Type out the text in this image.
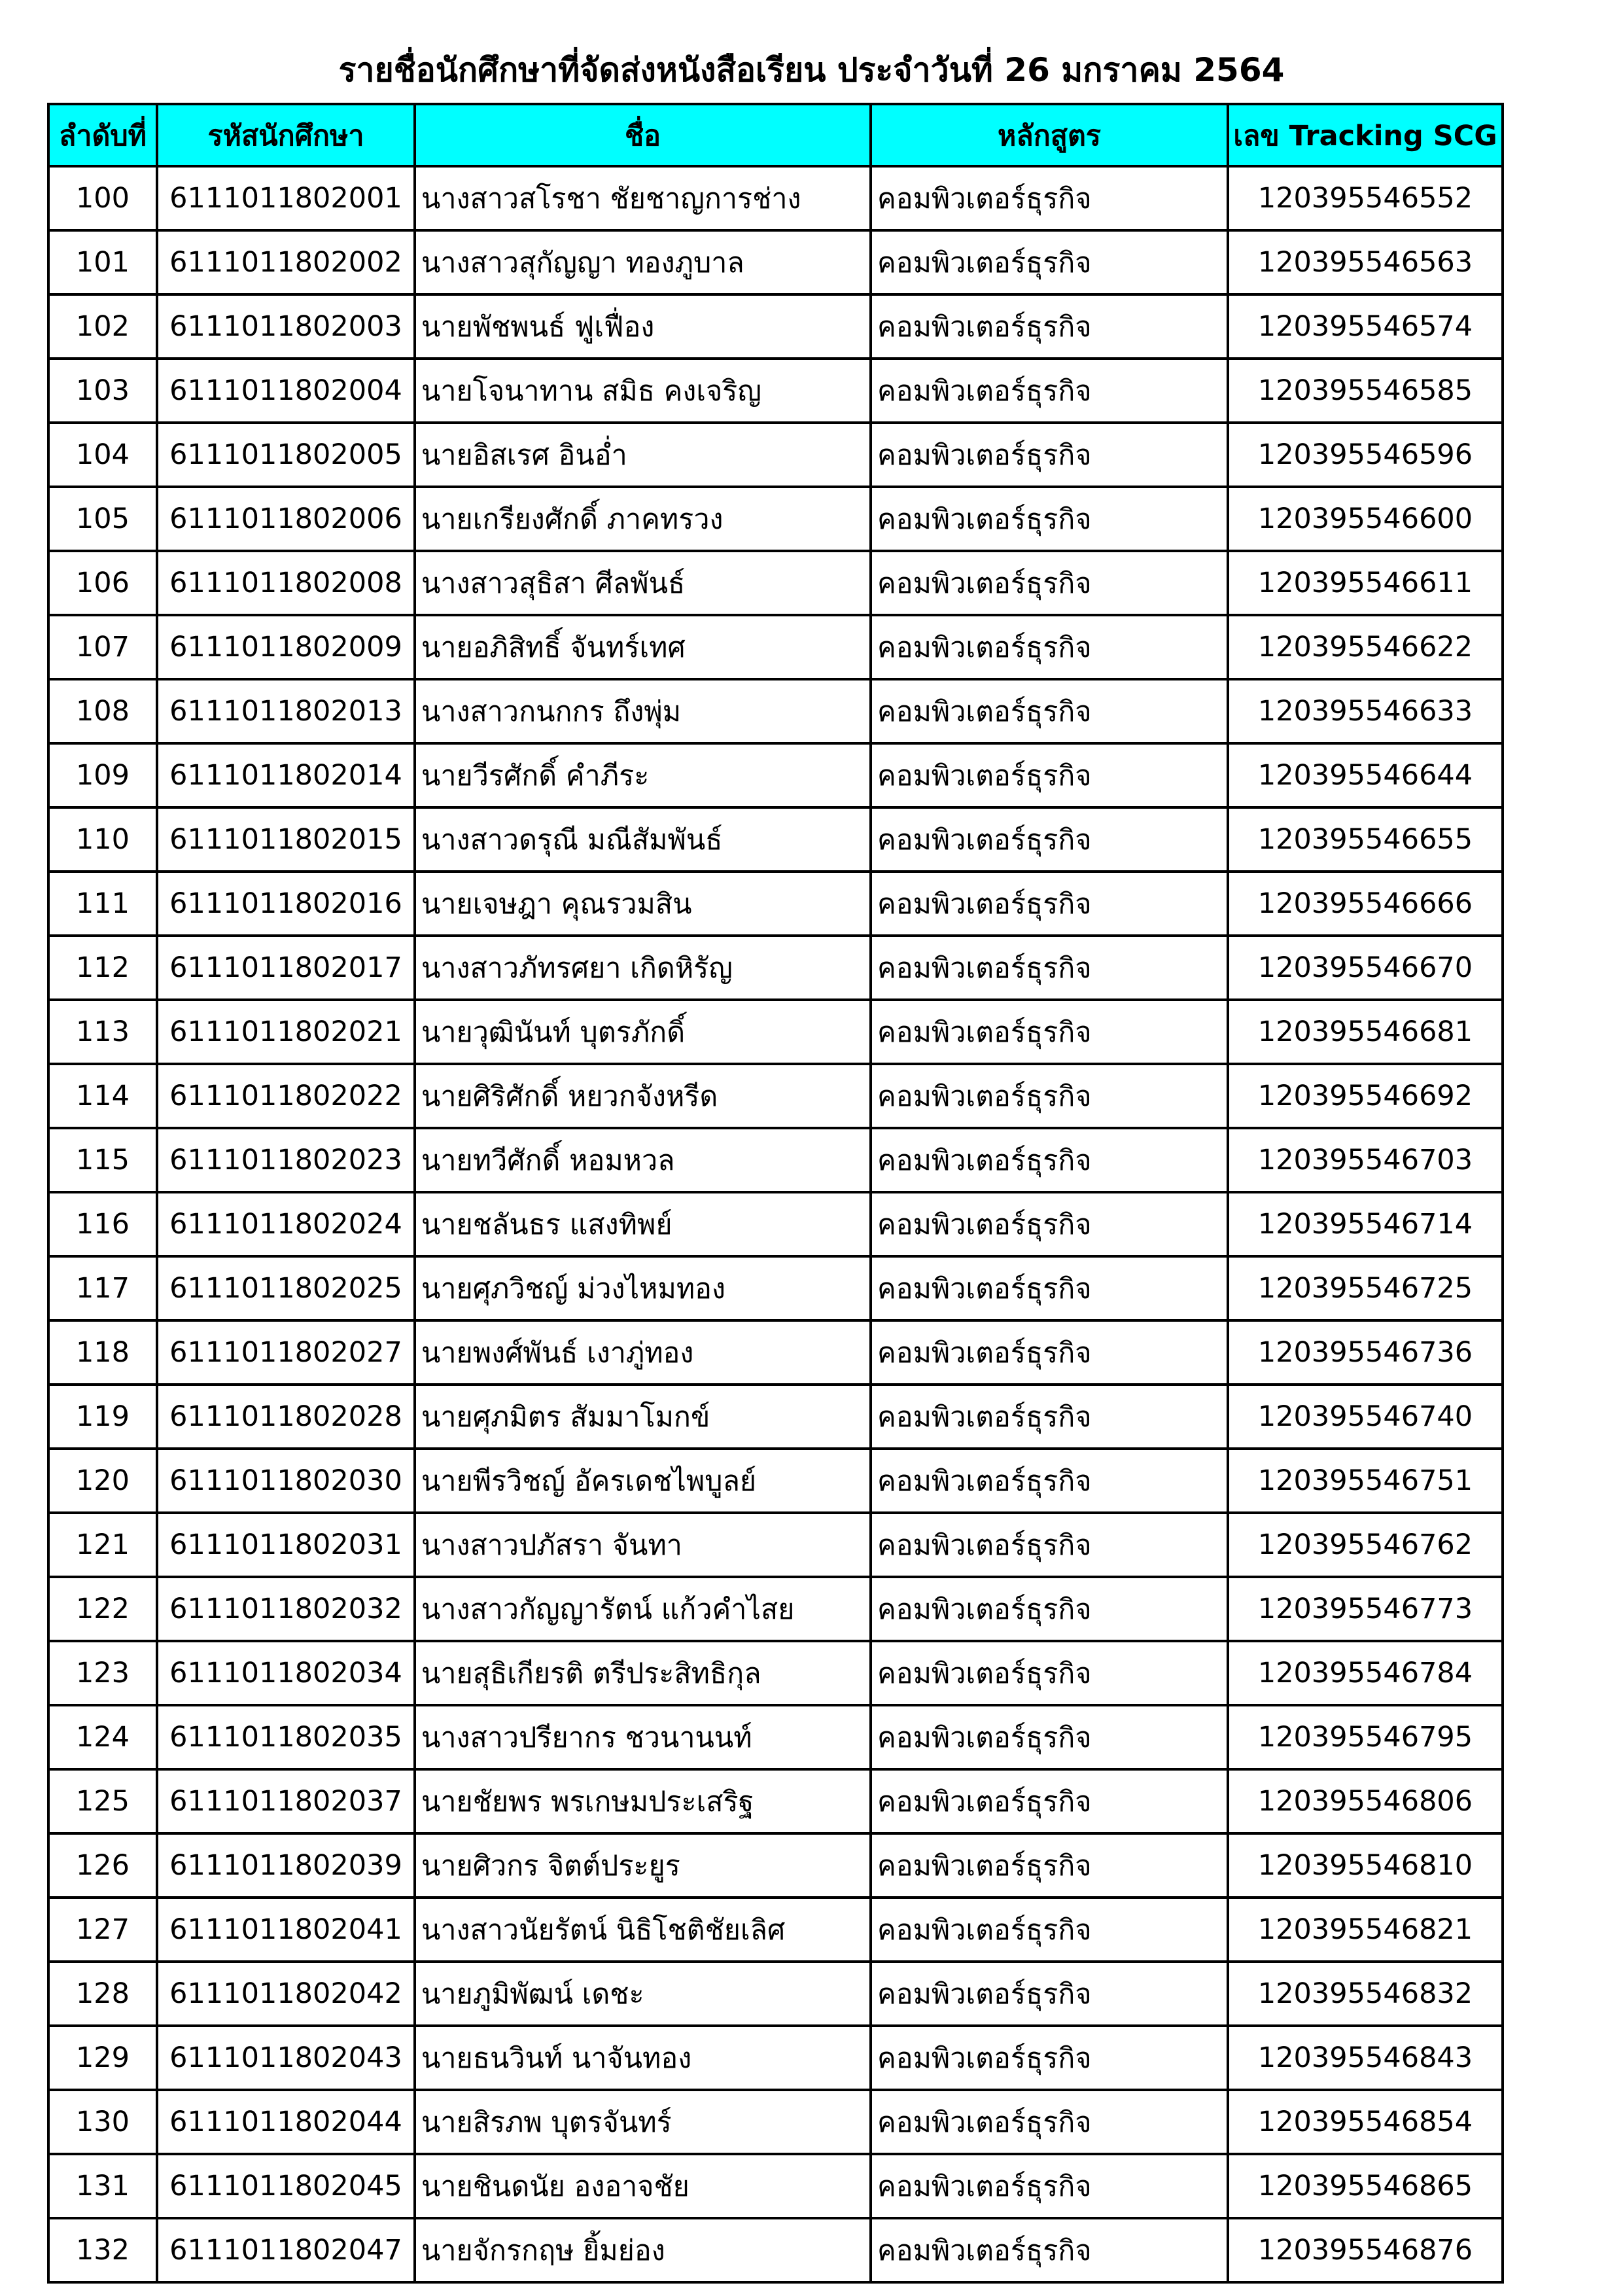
รายชื่อนักศึกษาที่จัดส่งหนังสือเรียน ประจำวันที่ 26 มกราคม 2564
ลำดับที่	รหัสนักศึกษา	ชื่อ	หลักสูตร	เลข Tracking SCG
100	6111011802001	นางสาวสโรชา ชัยชาญการช่าง	คอมพิวเตอร์ธุรกิจ	120395546552
101	6111011802002	นางสาวสุกัญญา ทองภูบาล	คอมพิวเตอร์ธุรกิจ	120395546563
102	6111011802003	นายพัชพนธ์ ฟูเฟื่อง	คอมพิวเตอร์ธุรกิจ	120395546574
103	6111011802004	นายโจนาทาน สมิธ คงเจริญ	คอมพิวเตอร์ธุรกิจ	120395546585
104	6111011802005	นายอิสเรศ อินอ่ำ	คอมพิวเตอร์ธุรกิจ	120395546596
105	6111011802006	นายเกรียงศักดิ์ ภาคทรวง	คอมพิวเตอร์ธุรกิจ	120395546600
106	6111011802008	นางสาวสุธิสา ศีลพันธ์	คอมพิวเตอร์ธุรกิจ	120395546611
107	6111011802009	นายอภิสิทธิ์ จันทร์เทศ	คอมพิวเตอร์ธุรกิจ	120395546622
108	6111011802013	นางสาวกนกกร ถึงพุ่ม	คอมพิวเตอร์ธุรกิจ	120395546633
109	6111011802014	นายวีรศักดิ์ คำภีระ	คอมพิวเตอร์ธุรกิจ	120395546644
110	6111011802015	นางสาวดรุณี มณีสัมพันธ์	คอมพิวเตอร์ธุรกิจ	120395546655
111	6111011802016	นายเจษฎา คุณรวมสิน	คอมพิวเตอร์ธุรกิจ	120395546666
112	6111011802017	นางสาวภัทรศยา เกิดหิรัญ	คอมพิวเตอร์ธุรกิจ	120395546670
113	6111011802021	นายวุฒินันท์ บุตรภักดิ์	คอมพิวเตอร์ธุรกิจ	120395546681
114	6111011802022	นายศิริศักดิ์ หยวกจังหรีด	คอมพิวเตอร์ธุรกิจ	120395546692
115	6111011802023	นายทวีศักดิ์ หอมหวล	คอมพิวเตอร์ธุรกิจ	120395546703
116	6111011802024	นายชลันธร แสงทิพย์	คอมพิวเตอร์ธุรกิจ	120395546714
117	6111011802025	นายศุภวิชญ์ ม่วงไหมทอง	คอมพิวเตอร์ธุรกิจ	120395546725
118	6111011802027	นายพงศ์พันธ์ เงาภู่ทอง	คอมพิวเตอร์ธุรกิจ	120395546736
119	6111011802028	นายศุภมิตร สัมมาโมกข์	คอมพิวเตอร์ธุรกิจ	120395546740
120	6111011802030	นายพีรวิชญ์ อัครเดชไพบูลย์	คอมพิวเตอร์ธุรกิจ	120395546751
121	6111011802031	นางสาวปภัสรา จันทา	คอมพิวเตอร์ธุรกิจ	120395546762
122	6111011802032	นางสาวกัญญารัตน์ แก้วคำไสย	คอมพิวเตอร์ธุรกิจ	120395546773
123	6111011802034	นายสุธิเกียรติ ตรีประสิทธิกุล	คอมพิวเตอร์ธุรกิจ	120395546784
124	6111011802035	นางสาวปรียากร ชวนานนท์	คอมพิวเตอร์ธุรกิจ	120395546795
125	6111011802037	นายชัยพร พรเกษมประเสริฐ	คอมพิวเตอร์ธุรกิจ	120395546806
126	6111011802039	นายศิวกร จิตต์ประยูร	คอมพิวเตอร์ธุรกิจ	120395546810
127	6111011802041	นางสาวนัยรัตน์ นิธิโชติชัยเลิศ	คอมพิวเตอร์ธุรกิจ	120395546821
128	6111011802042	นายภูมิพัฒน์ เดชะ	คอมพิวเตอร์ธุรกิจ	120395546832
129	6111011802043	นายธนวินท์ นาจันทอง	คอมพิวเตอร์ธุรกิจ	120395546843
130	6111011802044	นายสิรภพ บุตรจันทร์	คอมพิวเตอร์ธุรกิจ	120395546854
131	6111011802045	นายชินดนัย องอาจชัย	คอมพิวเตอร์ธุรกิจ	120395546865
132	6111011802047	นายจักรกฤษ ยิ้มย่อง	คอมพิวเตอร์ธุรกิจ	120395546876
